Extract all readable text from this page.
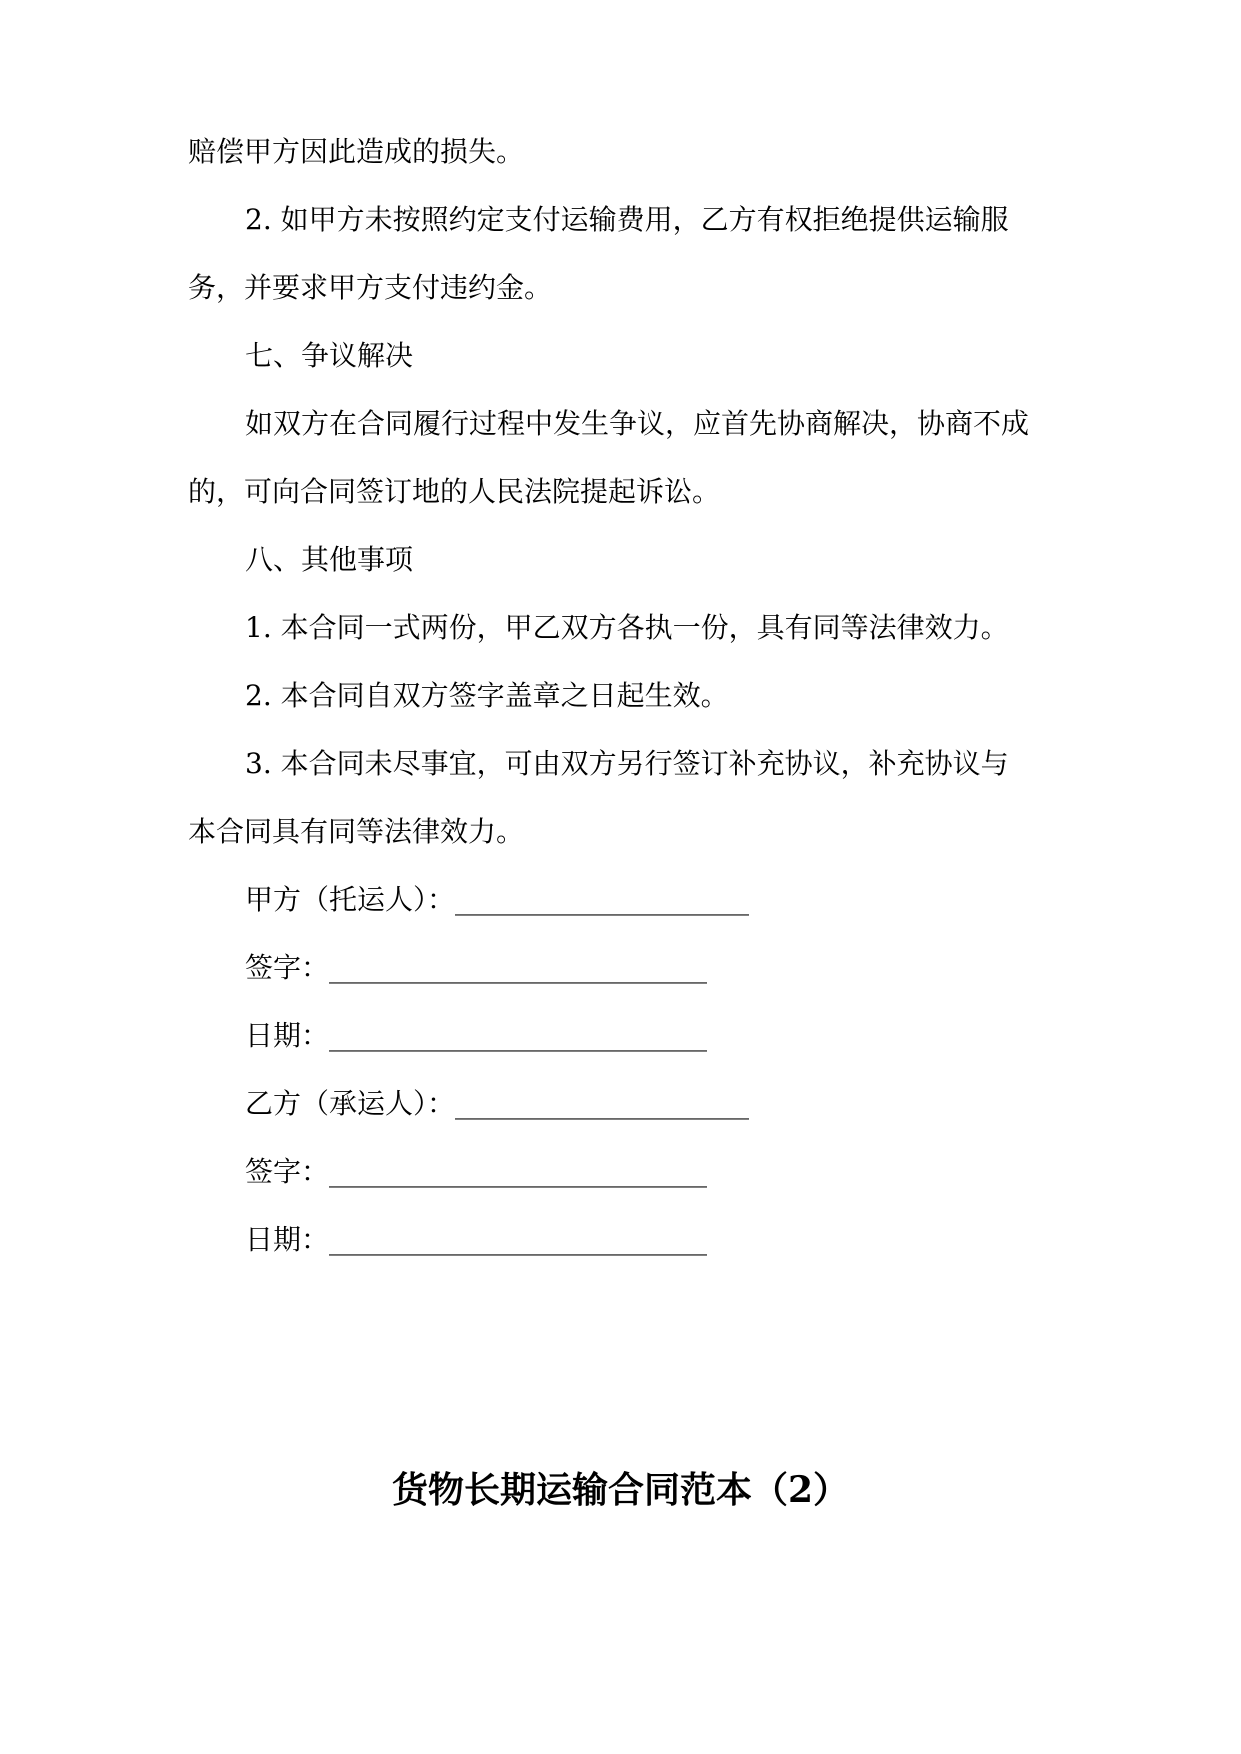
赔偿甲方因此造成的损失。
2. 如甲方未按照约定支付运输费用，乙方有权拒绝提供运输服
务，并要求甲方支付违约金。
七、争议解决
如双方在合同履行过程中发生争议，应首先协商解决，协商不成
的，可向合同签订地的人民法院提起诉讼。
八、其他事项
1. 本合同一式两份，甲乙双方各执一份，具有同等法律效力。
2. 本合同自双方签字盖章之日起生效。
3. 本合同未尽事宜，可由双方另行签订补充协议，补充协议与
本合同具有同等法律效力。
甲方（托运人）：_____________________
签字：___________________________
日期：___________________________
乙方（承运人）：_____________________
签字：___________________________
日期：___________________________
货物长期运输合同范本（2）
